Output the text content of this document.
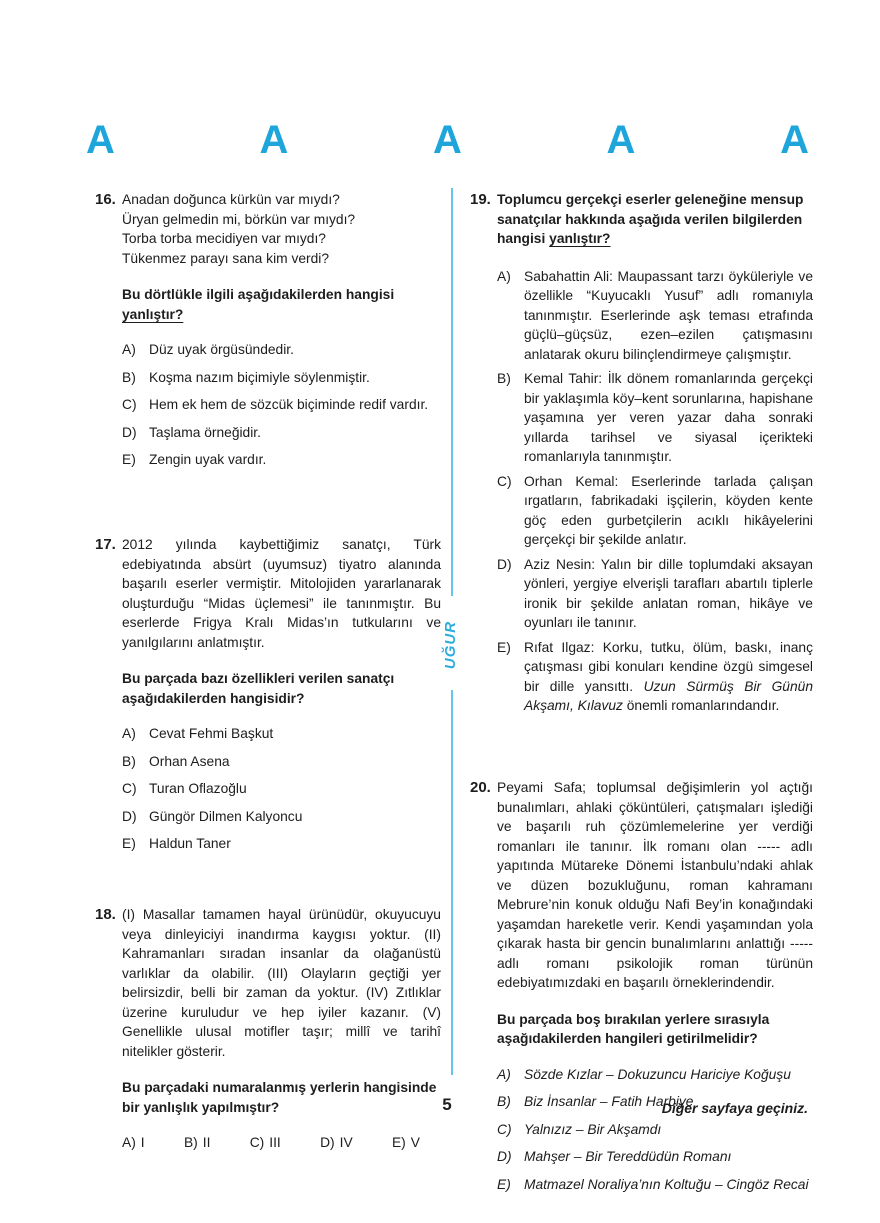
A	A	A	A	A
UĞUR
16. Anadan doğunca kürkün var mıydı?
Üryan gelmedin mi, börkün var mıydı?
Torba torba mecidiyen var mıydı?
Tükenmez parayı sana kim verdi?
Bu dörtlükle ilgili aşağıdakilerden hangisi yanlıştır?
A) Düz uyak örgüsündedir.
B) Koşma nazım biçimiyle söylenmiştir.
C) Hem ek hem de sözcük biçiminde redif vardır.
D) Taşlama örneğidir.
E) Zengin uyak vardır.
17. 2012 yılında kaybettiğimiz sanatçı, Türk edebiyatında absürt (uyumsuz) tiyatro alanında başarılı eserler vermiştir. Mitolojiden yararlanarak oluşturduğu “Midas üçlemesi” ile tanınmıştır. Bu eserlerde Frigya Kralı Midas’ın tutkularını ve yanılgılarını anlatmıştır.
Bu parçada bazı özellikleri verilen sanatçı aşağıdakilerden hangisidir?
A) Cevat Fehmi Başkut
B) Orhan Asena
C) Turan Oflazoğlu
D) Güngör Dilmen Kalyoncu
E) Haldun Taner
18. (I) Masallar tamamen hayal ürünüdür, okuyucuyu veya dinleyiciyi inandırma kaygısı yoktur. (II) Kahramanları sıradan insanlar da olağanüstü varlıklar da olabilir. (III) Olayların geçtiği yer belirsizdir, belli bir zaman da yoktur. (IV) Zıtlıklar üzerine kuruludur ve hep iyiler kazanır. (V) Genellikle ulusal motifler taşır; millî ve tarihî nitelikler gösterir.
Bu parçadaki numaralanmış yerlerin hangisinde bir yanlışlık yapılmıştır?
A) I	B) II	C) III	D) IV	E) V
19. Toplumcu gerçekçi eserler geleneğine mensup sanatçılar hakkında aşağıda verilen bilgilerden hangisi yanlıştır?
A) Sabahattin Ali: Maupassant tarzı öyküleriyle ve özellikle “Kuyucaklı Yusuf” adlı romanıyla tanınmıştır. Eserlerinde aşk teması etrafında güçlü–güçsüz, ezen–ezilen çatışmasını anlatarak okuru bilinçlendirmeye çalışmıştır.
B) Kemal Tahir: İlk dönem romanlarında gerçekçi bir yaklaşımla köy–kent sorunlarına, hapishane yaşamına yer veren yazar daha sonraki yıllarda tarihsel ve siyasal içerikteki romanlarıyla tanınmıştır.
C) Orhan Kemal: Eserlerinde tarlada çalışan ırgatların, fabrikadaki işçilerin, köyden kente göç eden gurbetçilerin acıklı hikâyelerini gerçekçi bir şekilde anlatır.
D) Aziz Nesin: Yalın bir dille toplumdaki aksayan yönleri, yergiye elverişli tarafları abartılı tiplerle ironik bir şekilde anlatan roman, hikâye ve oyunları ile tanınır.
E) Rıfat Ilgaz: Korku, tutku, ölüm, baskı, inanç çatışması gibi konuları kendine özgü simgesel bir dille yansıttı. Uzun Sürmüş Bir Günün Akşamı, Kılavuz önemli romanlarındandır.
20. Peyami Safa; toplumsal değişimlerin yol açtığı bunalımları, ahlaki çöküntüleri, çatışmaları işlediği ve başarılı ruh çözümlemelerine yer verdiği romanları ile tanınır. İlk romanı olan ----- adlı yapıtında Mütareke Dönemi İstanbulu’ndaki ahlak ve düzen bozukluğunu, roman kahramanı Mebrure’nin konuk olduğu Nafi Bey’in konağındaki yaşamdan hareketle verir. Kendi yaşamından yola çıkarak hasta bir gencin bunalımlarını anlattığı ----- adlı romanı psikolojik roman türünün edebiyatımızdaki en başarılı örneklerindendir.
Bu parçada boş bırakılan yerlere sırasıyla aşağıdakilerden hangileri getirilmelidir?
A) Sözde Kızlar – Dokuzuncu Hariciye Koğuşu
B) Biz İnsanlar – Fatih Harbiye
C) Yalnızız – Bir Akşamdı
D) Mahşer – Bir Tereddüdün Romanı
E) Matmazel Noraliya’nın Koltuğu – Cingöz Recai
5	Diğer sayfaya geçiniz.
